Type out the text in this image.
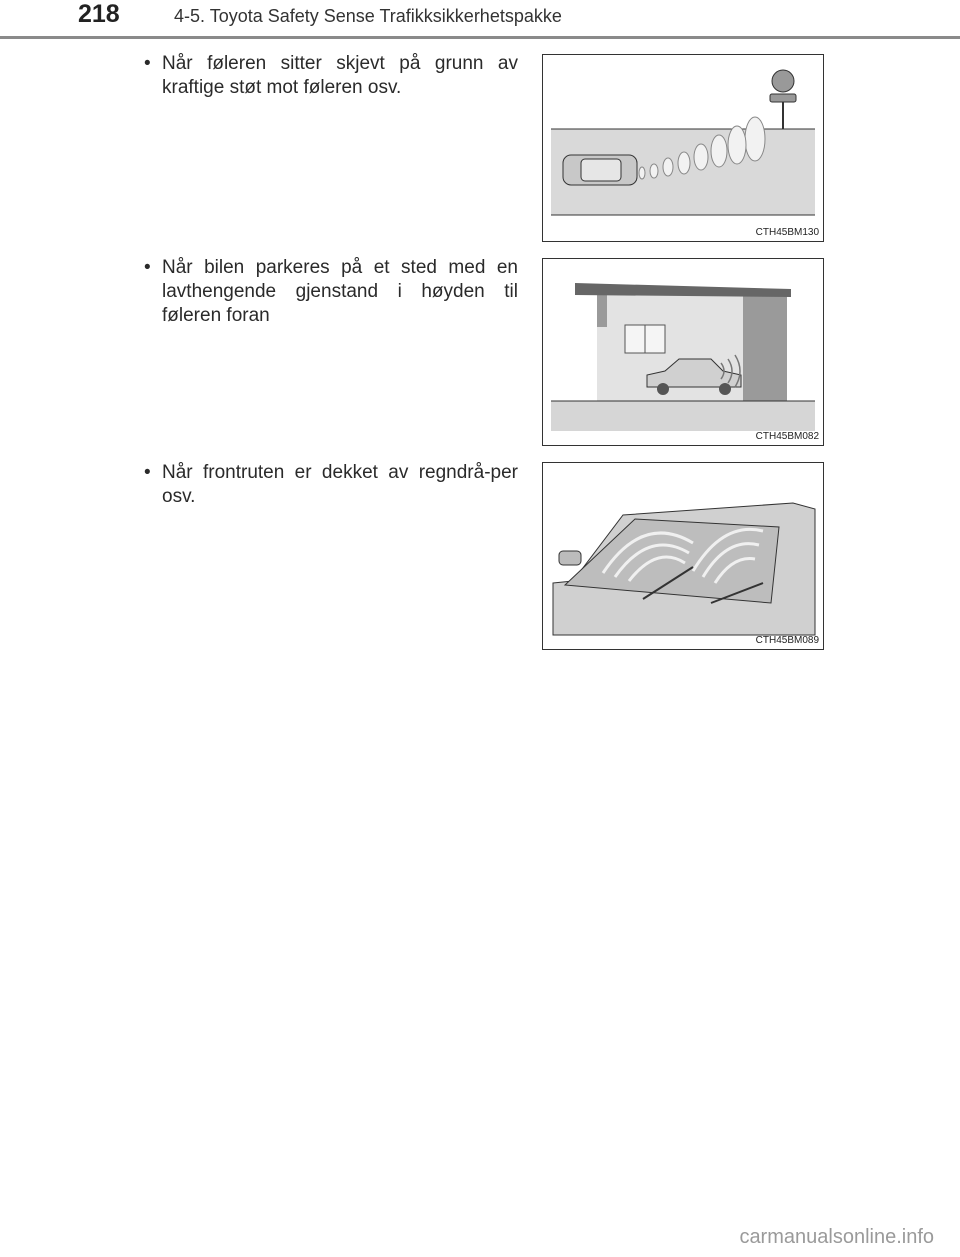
218	4-5. Toyota Safety Sense Trafikksikkerhetspakke
• Når føleren sitter skjevt på grunn av kraftige støt mot føleren osv.
CTH45BM130
• Når bilen parkeres på et sted med en lavthengende gjenstand i høyden til føleren foran
CTH45BM082
• Når frontruten er dekket av regndrå-per osv.
CTH45BM089
carmanualsonline.info
